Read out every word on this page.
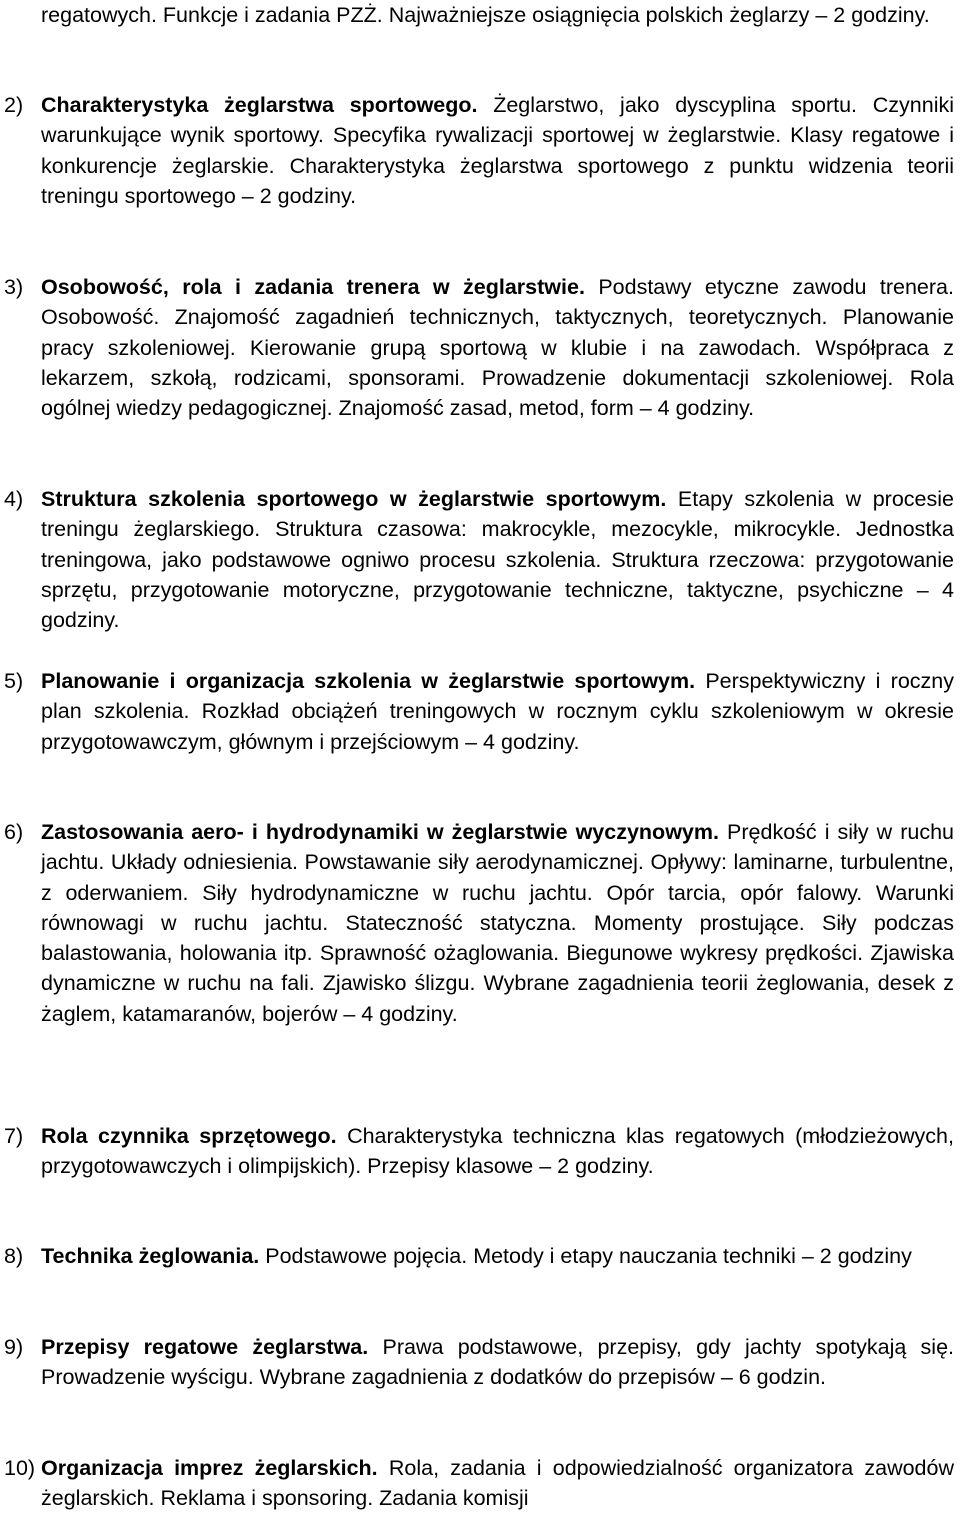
regatowych. Funkcje i zadania PZŻ. Najważniejsze osiągnięcia polskich żeglarzy – 2 godziny.
2) Charakterystyka żeglarstwa sportowego. Żeglarstwo, jako dyscyplina sportu. Czynniki warunkujące wynik sportowy. Specyfika rywalizacji sportowej w żeglarstwie. Klasy regatowe i konkurencje żeglarskie. Charakterystyka żeglarstwa sportowego z punktu widzenia teorii treningu sportowego – 2 godziny.
3) Osobowość, rola i zadania trenera w żeglarstwie. Podstawy etyczne zawodu trenera. Osobowość. Znajomość zagadnień technicznych, taktycznych, teoretycznych. Planowanie pracy szkoleniowej. Kierowanie grupą sportową w klubie i na zawodach. Współpraca z lekarzem, szkołą, rodzicami, sponsorami. Prowadzenie dokumentacji szkoleniowej. Rola ogólnej wiedzy pedagogicznej. Znajomość zasad, metod, form – 4 godziny.
4) Struktura szkolenia sportowego w żeglarstwie sportowym. Etapy szkolenia w procesie treningu żeglarskiego. Struktura czasowa: makrocykle, mezocykle, mikrocykle. Jednostka treningowa, jako podstawowe ogniwo procesu szkolenia. Struktura rzeczowa: przygotowanie sprzętu, przygotowanie motoryczne, przygotowanie techniczne, taktyczne, psychiczne – 4 godziny.
5) Planowanie i organizacja szkolenia w żeglarstwie sportowym. Perspektywiczny i roczny plan szkolenia. Rozkład obciążeń treningowych w rocznym cyklu szkoleniowym w okresie przygotowawczym, głównym i przejściowym – 4 godziny.
6) Zastosowania aero- i hydrodynamiki w żeglarstwie wyczynowym. Prędkość i siły w ruchu jachtu. Układy odniesienia. Powstawanie siły aerodynamicznej. Opływy: laminarne, turbulentne, z oderwaniem. Siły hydrodynamiczne w ruchu jachtu. Opór tarcia, opór falowy. Warunki równowagi w ruchu jachtu. Stateczność statyczna. Momenty prostujące. Siły podczas balastowania, holowania itp. Sprawność ożaglowania. Biegunowe wykresy prędkości. Zjawiska dynamiczne w ruchu na fali. Zjawisko ślizgu. Wybrane zagadnienia teorii żeglowania, desek z żaglem, katamaranów, bojerów – 4 godziny.
7) Rola czynnika sprzętowego. Charakterystyka techniczna klas regatowych (młodzieżowych, przygotowawczych i olimpijskich). Przepisy klasowe – 2 godziny.
8) Technika żeglowania. Podstawowe pojęcia. Metody i etapy nauczania techniki – 2 godziny
9) Przepisy regatowe żeglarstwa. Prawa podstawowe, przepisy, gdy jachty spotykają się. Prowadzenie wyścigu. Wybrane zagadnienia z dodatków do przepisów – 6 godzin.
10) Organizacja imprez żeglarskich. Rola, zadania i odpowiedzialność organizatora zawodów żeglarskich. Reklama i sponsoring. Zadania komisji
